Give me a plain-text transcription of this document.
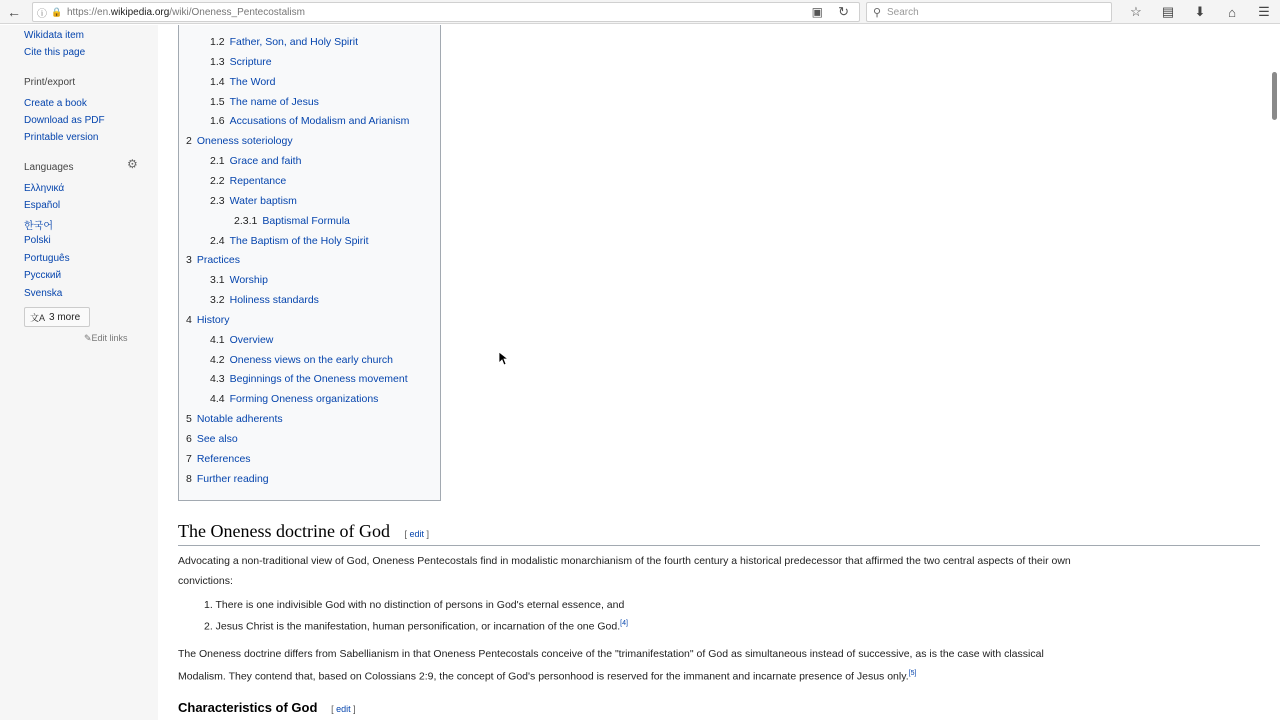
←	ⓘ 🔒 https://en.wikipedia.org/wiki/Oneness_Pentecostalism	▣ ↻	⚲ Search	☆	▤	⬇	⌂	☰
Wikidata item
Cite this page
Print/export
Create a book
Download as PDF
Printable version
Languages	⚙
Ελληνικά
Español
한국어
Polski
Português
Русский
Svenska
文A 3 more
✎Edit links
1.2 Father, Son, and Holy Spirit
1.3 Scripture
1.4 The Word
1.5 The name of Jesus
1.6 Accusations of Modalism and Arianism
2 Oneness soteriology
2.1 Grace and faith
2.2 Repentance
2.3 Water baptism
2.3.1 Baptismal Formula
2.4 The Baptism of the Holy Spirit
3 Practices
3.1 Worship
3.2 Holiness standards
4 History
4.1 Overview
4.2 Oneness views on the early church
4.3 Beginnings of the Oneness movement
4.4 Forming Oneness organizations
5 Notable adherents
6 See also
7 References
8 Further reading
The Oneness doctrine of God [ edit ]
Advocating a non-traditional view of God, Oneness Pentecostals find in modalistic monarchianism of the fourth century a historical predecessor that affirmed the two central aspects of their own
convictions:
1. There is one indivisible God with no distinction of persons in God's eternal essence, and
2. Jesus Christ is the manifestation, human personification, or incarnation of the one God.[4]
The Oneness doctrine differs from Sabellianism in that Oneness Pentecostals conceive of the "trimanifestation" of God as simultaneous instead of successive, as is the case with classical
Modalism. They contend that, based on Colossians 2:9, the concept of God's personhood is reserved for the immanent and incarnate presence of Jesus only.[5]
Characteristics of God [ edit ]
